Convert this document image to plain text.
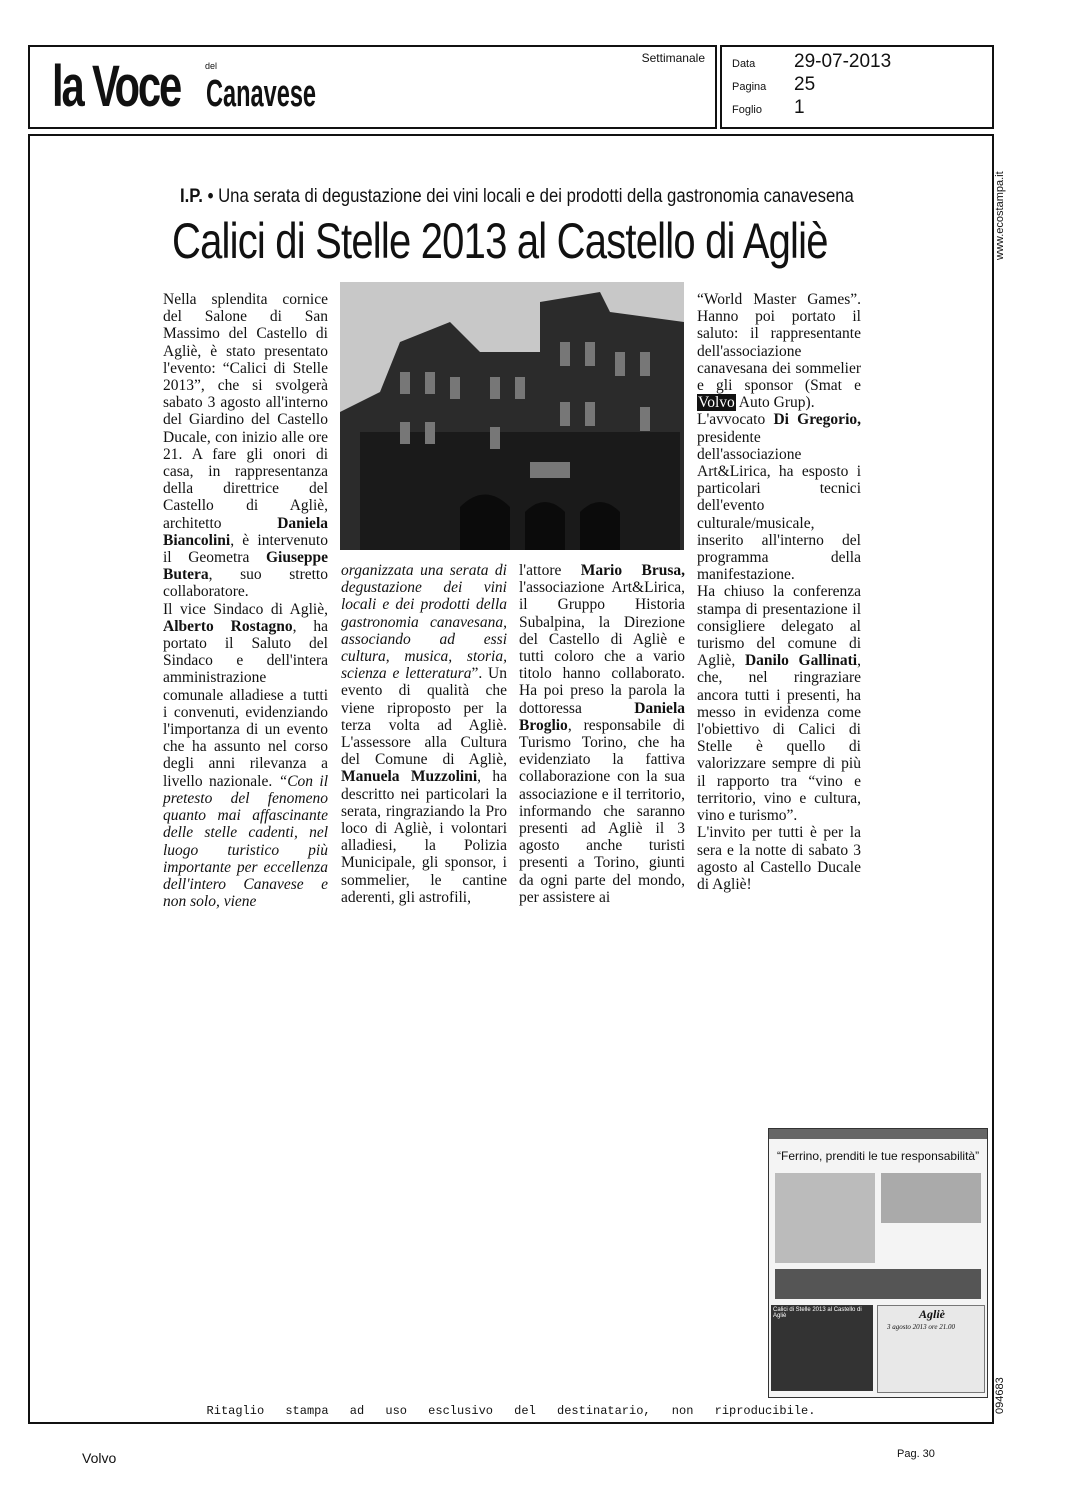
la Voce	del
Canavese
Settimanale Data 29-07-2013
Pagina 25
Foglio 1
www.ecostampa.it
094683
I.P. • Una serata di degustazione dei vini locali e dei prodotti della gastronomia canavesena
Calici di Stelle 2013 al Castello di Agliè

Nella splendita cornice del Salone di San Massimo del Castello di Agliè, è stato presentato l'evento: “Calici di Stelle 2013”, che si svolgerà sabato 3 agosto all'interno del Giardino del Castello Ducale, con inizio alle ore 21. A fare gli onori di casa, in rappresentanza della direttrice del Castello di Agliè, architetto	Daniela Biancolini, è intervenuto il Geometra Giuseppe Butera, suo stretto collaboratore.

Il vice Sindaco di Agliè, Alberto Rostagno, ha portato il Saluto del Sindaco e dell'intera amministrazione comunale alladiese a tutti i convenuti, evidenziando l'importanza di un evento che ha assunto nel corso degli anni rilevanza a livello nazionale. “Con il pretesto del fenomeno quanto mai affascinante delle stelle cadenti, nel luogo turistico più importante per eccellenza dell'intero Canavese e non solo, viene

organizzata una serata di degustazione dei vini locali e dei prodotti della gastronomia canavesana, associando ad essi cultura, musica, storia, scienza e letteratura”. Un evento di qualità che viene riproposto per la terza volta ad Agliè. L'assessore alla Cultura del Comune di Agliè, Manuela Muzzolini, ha descritto nei particolari la serata, ringraziando la Pro loco di Agliè, i volontari alladiesi, la Polizia Municipale, gli sponsor, i sommelier, le cantine aderenti, gli astrofili,

l'attore Mario Brusa, l'associazione Art&Lirica, il Gruppo Historia Subalpina, la Direzione del Castello di Agliè e tutti coloro che a vario titolo hanno collaborato. Ha poi preso la parola la dottoressa	Daniela Broglio, responsabile di Turismo Torino, che ha evidenziato la fattiva collaborazione con la sua associazione e il territorio, informando che saranno presenti ad Agliè il 3 agosto anche turisti presenti a Torino, giunti da ogni parte del mondo, per assistere ai

“World Master Games”. Hanno poi portato il saluto: il rappresentante dell'associazione canavesana dei sommelier e gli sponsor (Smat e Volvo Auto Grup).

L'avvocato Di Gregorio, presidente dell'associazione Art&Lirica, ha esposto i particolari tecnici dell'evento culturale/musicale, inserito all'interno del programma della manifestazione.

Ha chiuso la conferenza stampa di presentazione il consigliere delegato al turismo del comune di Agliè, Danilo Gallinati, che, nel ringraziare ancora tutti i presenti, ha messo in evidenza come l'obiettivo di Calici di Stelle è quello di valorizzare sempre di più il rapporto tra “vino e territorio, vino e cultura, vino e turismo”.

L'invito per tutti è per la sera e la notte di sabato 3 agosto al Castello Ducale di Agliè!

“Ferrino, prenditi le tue responsabilità”
Calici di Stelle 2013 al Castello di Agliè	Agliè
3 agosto 2013 ore 21.00
Ritaglio stampa ad uso esclusivo del destinatario, non riproducibile.
Volvo	Pag. 30
